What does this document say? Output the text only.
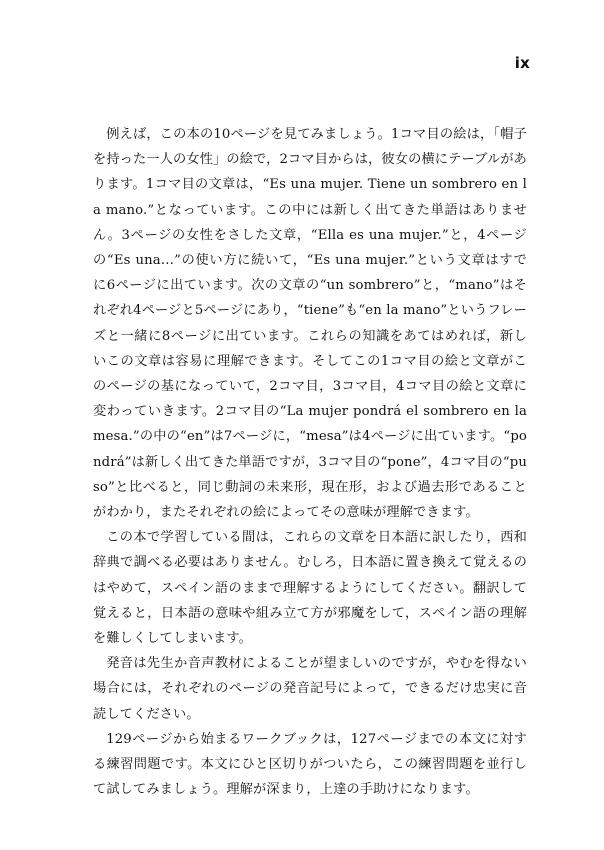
ix

例えば，この本の10ページを見てみましょう。1コマ目の絵は，「帽子を持った一人の女性」の絵で，2コマ目からは，彼女の横にテーブルがあります。1コマ目の文章は，“Es una mujer. Tiene un sombrero en la mano.”となっています。この中には新しく出てきた単語はありません。3ページの女性をさした文章，“Ella es una mujer.”と，4ページの“Es una…”の使い方に続いて，“Es una mujer.”という文章はすでに6ページに出ています。次の文章の“un sombrero”と，“mano”はそれぞれ4ページと5ページにあり，“tiene”も“en la mano”というフレーズと一緒に8ページに出ています。これらの知識をあてはめれば，新しいこの文章は容易に理解できます。そしてこの1コマ目の絵と文章がこのページの基になっていて，2コマ目，3コマ目，4コマ目の絵と文章に変わっていきます。2コマ目の“La mujer pondrá el sombrero en la mesa.”の中の“en”は7ページに，“mesa”は4ページに出ています。“pondrá”は新しく出てきた単語ですが，3コマ目の“pone”，4コマ目の“puso”と比べると，同じ動詞の未来形，現在形，および過去形であることがわかり，またそれぞれの絵によってその意味が理解できます。

この本で学習している間は，これらの文章を日本語に訳したり，西和辞典で調べる必要はありません。むしろ，日本語に置き換えて覚えるのはやめて，スペイン語のままで理解するようにしてください。翻訳して覚えると，日本語の意味や組み立て方が邪魔をして，スペイン語の理解を難しくしてしまいます。

発音は先生か音声教材によることが望ましいのですが，やむを得ない場合には，それぞれのページの発音記号によって，できるだけ忠実に音読してください。

129ページから始まるワークブックは，127ページまでの本文に対する練習問題です。本文にひと区切りがついたら，この練習問題を並行して試してみましょう。理解が深まり，上達の手助けになります。
